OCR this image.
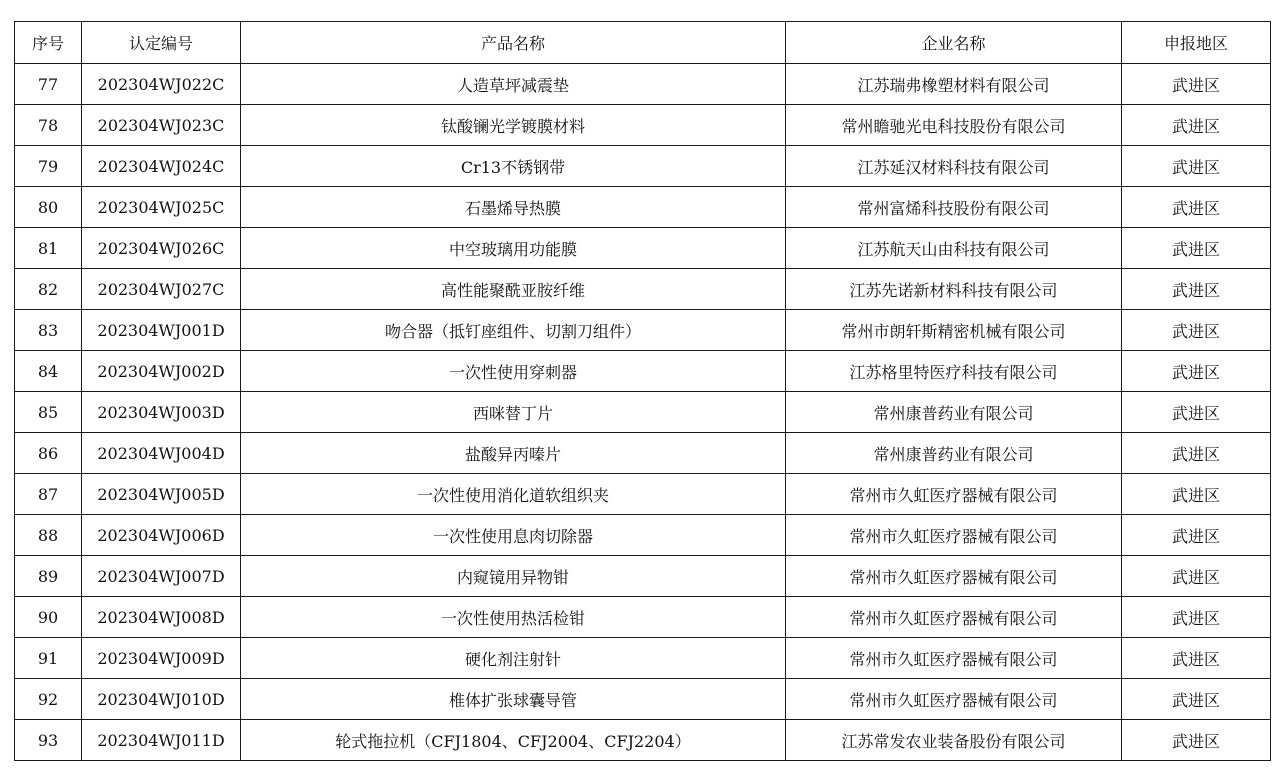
序号	认定编号	产品名称	企业名称	申报地区
77	202304WJ022C	人造草坪减震垫	江苏瑞弗橡塑材料有限公司	武进区
78	202304WJ023C	钛酸镧光学镀膜材料	常州瞻驰光电科技股份有限公司	武进区
79	202304WJ024C	Cr13不锈钢带	江苏延汉材料科技有限公司	武进区
80	202304WJ025C	石墨烯导热膜	常州富烯科技股份有限公司	武进区
81	202304WJ026C	中空玻璃用功能膜	江苏航天山由科技有限公司	武进区
82	202304WJ027C	高性能聚酰亚胺纤维	江苏先诺新材料科技有限公司	武进区
83	202304WJ001D	吻合器（抵钉座组件、切割刀组件）	常州市朗轩斯精密机械有限公司	武进区
84	202304WJ002D	一次性使用穿刺器	江苏格里特医疗科技有限公司	武进区
85	202304WJ003D	西咪替丁片	常州康普药业有限公司	武进区
86	202304WJ004D	盐酸异丙嗪片	常州康普药业有限公司	武进区
87	202304WJ005D	一次性使用消化道软组织夹	常州市久虹医疗器械有限公司	武进区
88	202304WJ006D	一次性使用息肉切除器	常州市久虹医疗器械有限公司	武进区
89	202304WJ007D	内窥镜用异物钳	常州市久虹医疗器械有限公司	武进区
90	202304WJ008D	一次性使用热活检钳	常州市久虹医疗器械有限公司	武进区
91	202304WJ009D	硬化剂注射针	常州市久虹医疗器械有限公司	武进区
92	202304WJ010D	椎体扩张球囊导管	常州市久虹医疗器械有限公司	武进区
93	202304WJ011D	轮式拖拉机（CFJ1804、CFJ2004、CFJ2204）	江苏常发农业装备股份有限公司	武进区
